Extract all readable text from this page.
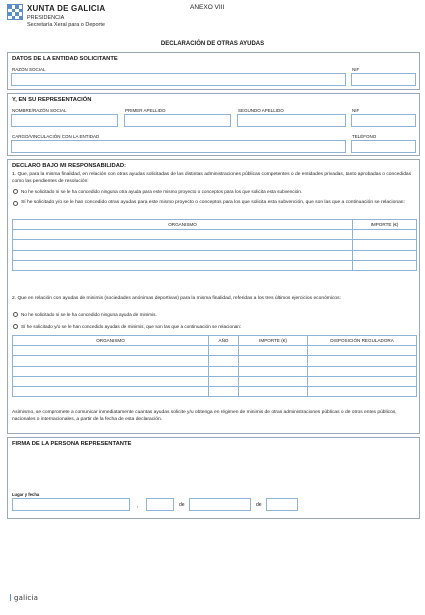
XUNTA DE GALICIA
PRESIDENCIA
Secretaría Xeral para o Deporte
ANEXO VIII
DECLARACIÓN DE OTRAS AYUDAS
DATOS DE LA ENTIDAD SOLICITANTE
RAZÓN SOCIAL	NIF
Y, EN SU REPRESENTACIÓN
NOMBRE/RAZÓN SOCIAL	PRIMER APELLIDO	SEGUNDO APELLIDO	NIF
CARGO/VINCULACIÓN CON LA ENTIDAD	TELÉFONO
DECLARO BAJO MI RESPONSABILIDAD:
1. Que, para la misma finalidad, en relación con otras ayudas solicitadas de las distintas administraciones públicas competentes o de entidades privadas, tanto aprobadas o concedidas como las pendientes de resolución:
No he solicitado ni se le ha concedido ninguna otra ayuda para este mismo proyecto o conceptos para los que solicita esta subvención.
Sí he solicitado y/o se le han concedido otras ayudas para este mismo proyecto o conceptos para los que solicita esta subvención, que son las que a continuación se relacionan:
ORGANISMO	IMPORTE (€)

2. Que en relación con ayudas de minimis (sociedades anónimas deportivas) para la misma finalidad, referidas a los tres últimos ejercicios económicos:
No he solicitado ni se le ha concedido ninguna ayuda de minimis.
Sí he solicitado y/o se le han concedido ayudas de minimis, que son las que a continuación se relacionan:
ORGANISMO	AÑO	IMPORTE (€)	DISPOSICIÓN REGULADORA

Asimismo, se compromete a comunicar inmediatamente cuantas ayudas solicite y/u obtenga en régimen de minimis de otras administraciones públicas o de otros entes públicos, nacionales o internacionales, a partir de la fecha de esta declaración.
FIRMA DE LA PERSONA REPRESENTANTE
Lugar y fecha
,	de	de
galicia
